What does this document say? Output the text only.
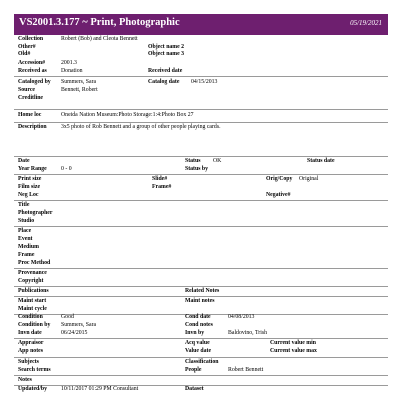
VS2001.3.177 ~ Print, Photographic	05/19/2021
Collection	Robert (Bob) and Cleota Bennett
Other#	Object name 2
Old#	Object name 3
Accession#	2001.3
Received as Donation	Received date
Cataloged by Summers, Sara	Catalog date 04/15/2013
Source	Bennett, Robert
Creditline
Home loc	Oneida Nation Museum:Photo Storage:1:4:Photo Box 27
Description 3x5 photo of Rob Bennett and a group of other people playing cards.
Date	Status OK	Status date
Year Range 0 - 0	Status by
Print size	Slide#	Orig/Copy Original
Film size	Frame#
Neg Loc	Negative#
Title
Photographer
Studio
Place
Event
Medium
Frame
Proc Method
Provenance
Copyright
Publications	Related Notes
Maint start	Maint notes
Maint cycle
Condition	Good	Cond date	04/08/2013
Condition by Summers, Sara	Cond notes
Invn date	06/24/2015	Invn by	Baldovino, Trish
Appraisor	Acq value	Current value min
App notes	Value date	Current value max
Subjects	Classification
Search terms	People	Robert Bennett
Notes
Updated/by 10/11/2017 01:29 PM Consultant	Dataset
